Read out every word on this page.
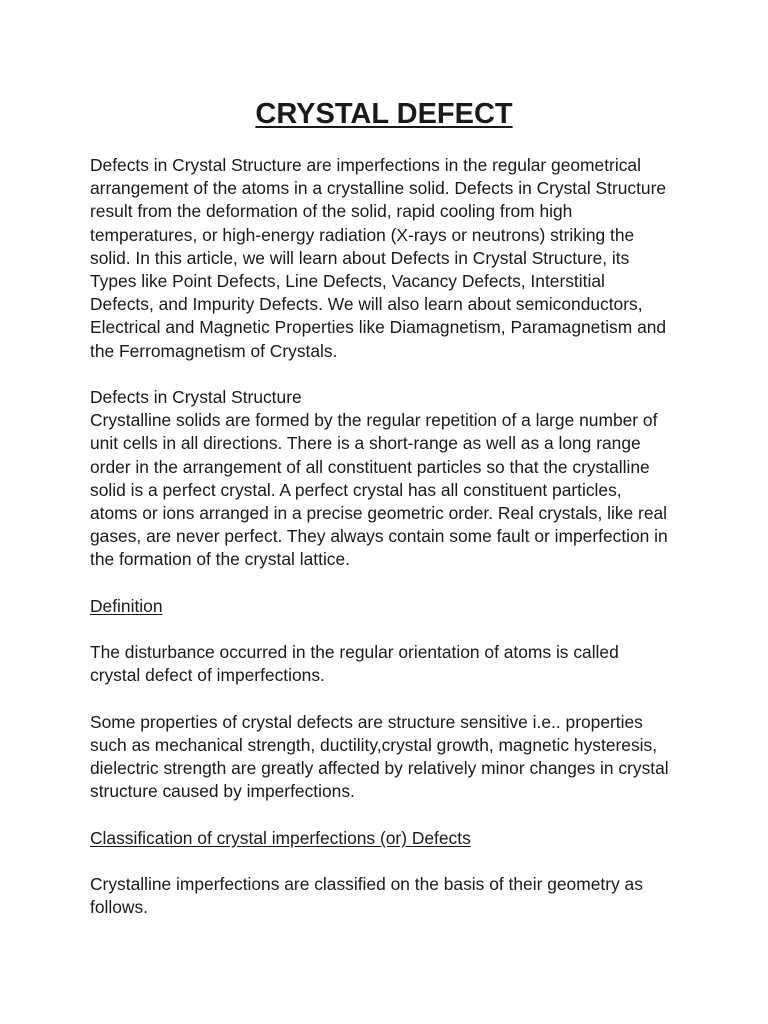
CRYSTAL DEFECT

Defects in Crystal Structure are imperfections in the regular geometrical

arrangement of the atoms in a crystalline solid. Defects in Crystal Structure

result from the deformation of the solid, rapid cooling from high

temperatures, or high-energy radiation (X-rays or neutrons) striking the

solid. In this article, we will learn about Defects in Crystal Structure, its

Types like Point Defects, Line Defects, Vacancy Defects, Interstitial

Defects, and Impurity Defects. We will also learn about semiconductors,

Electrical and Magnetic Properties like Diamagnetism, Paramagnetism and

the Ferromagnetism of Crystals.

Defects in Crystal Structure

Crystalline solids are formed by the regular repetition of a large number of

unit cells in all directions. There is a short-range as well as a long range

order in the arrangement of all constituent particles so that the crystalline

solid is a perfect crystal. A perfect crystal has all constituent particles,

atoms or ions arranged in a precise geometric order. Real crystals, like real

gases, are never perfect. They always contain some fault or imperfection in

the formation of the crystal lattice.

Definition

The disturbance occurred in the regular orientation of atoms is called

crystal defect of imperfections.

Some properties of crystal defects are structure sensitive i.e.. properties

such as mechanical strength, ductility,crystal growth, magnetic hysteresis,

dielectric strength are greatly affected by relatively minor changes in crystal

structure caused by imperfections.

Classification of crystal imperfections (or) Defects

Crystalline imperfections are classified on the basis of their geometry as

follows.
